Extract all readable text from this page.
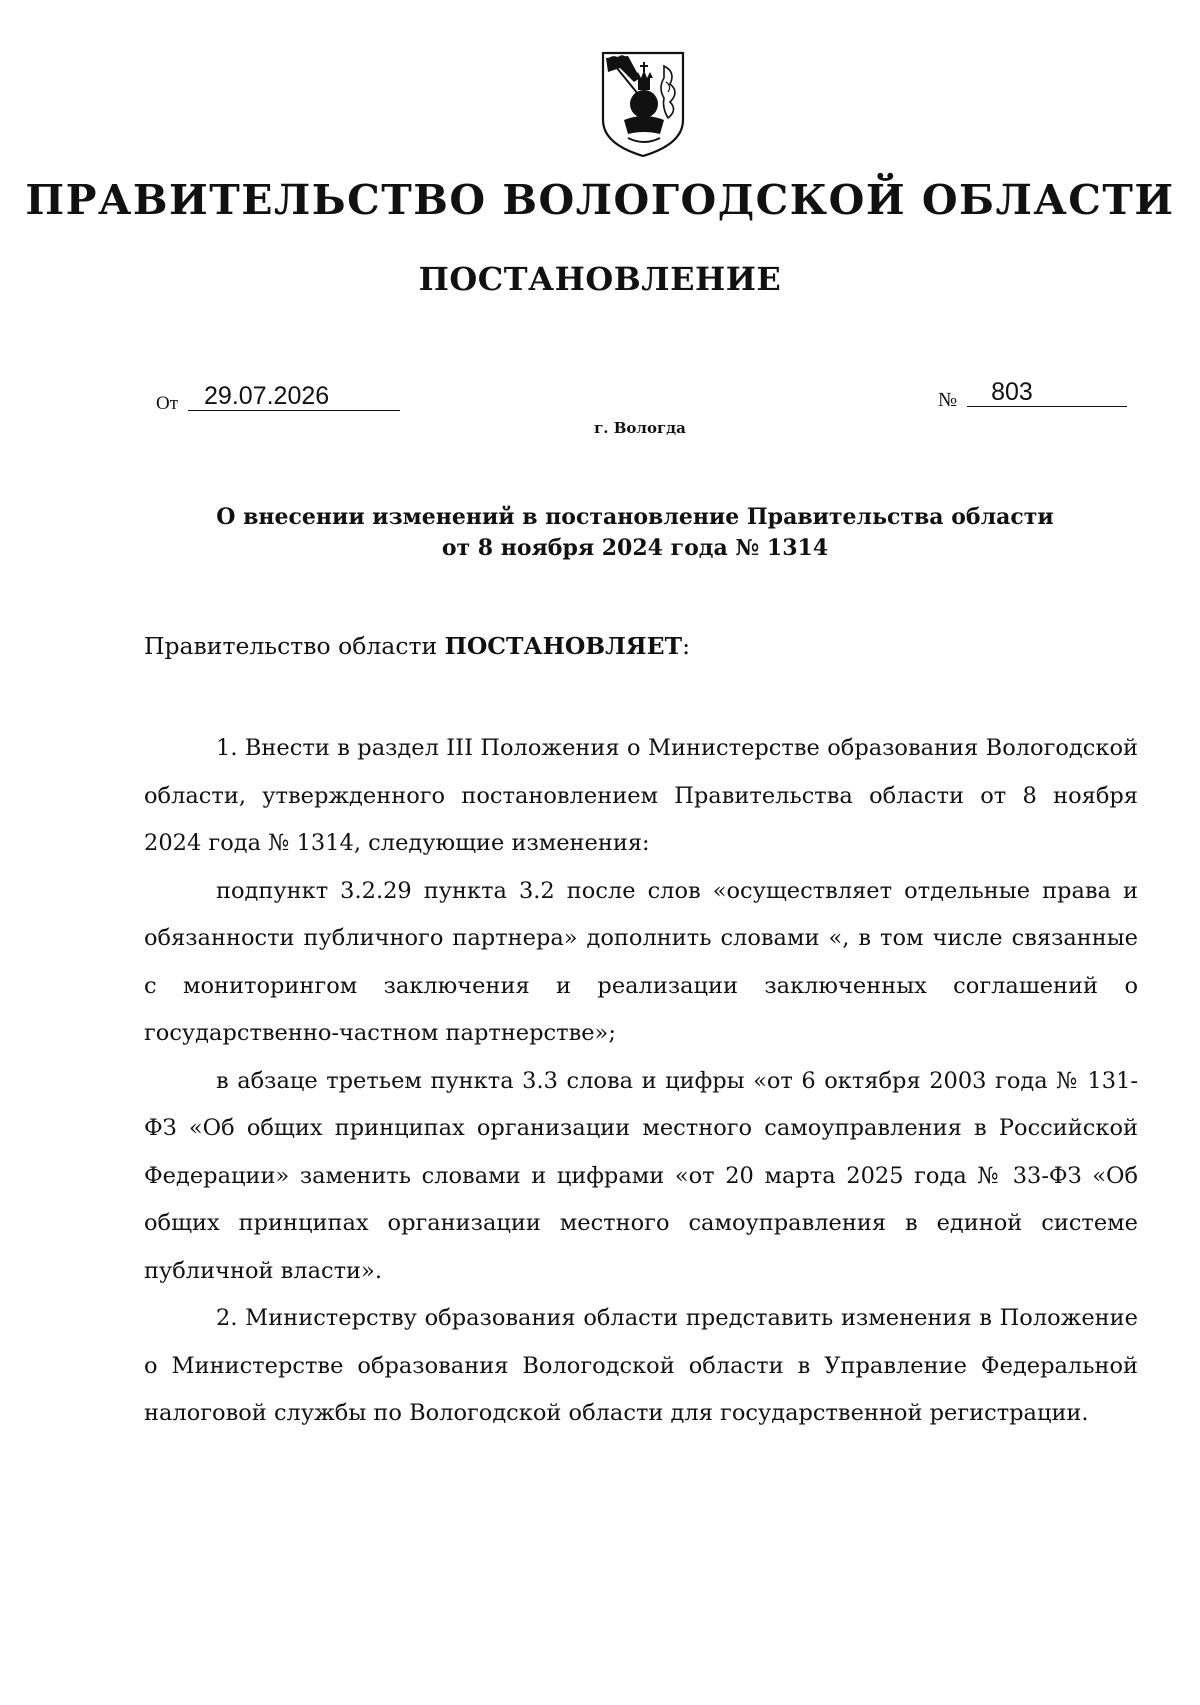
ПРАВИТЕЛЬСТВО ВОЛОГОДСКОЙ ОБЛАСТИ
ПОСТАНОВЛЕНИЕ
От 29.07.2026	№ 803
г. Вологда
О внесении изменений в постановление Правительства области
от 8 ноября 2024 года № 1314
Правительство области ПОСТАНОВЛЯЕТ:

1. Внести в раздел III Положения о Министерстве образования Вологодской области, утвержденного постановлением Правительства области от 8 ноября 2024 года № 1314, следующие изменения:

подпункт 3.2.29 пункта 3.2 после слов «осуществляет отдельные права и обязанности публичного партнера» дополнить словами «, в том числе связанные с мониторингом заключения и реализации заключенных соглашений о государственно-частном партнерстве»;

в абзаце третьем пункта 3.3 слова и цифры «от 6 октября 2003 года № 131-ФЗ «Об общих принципах организации местного самоуправления в Российской Федерации» заменить словами и цифрами «от 20 марта 2025 года № 33-ФЗ «Об общих принципах организации местного самоуправления в единой системе публичной власти».

2. Министерству образования области представить изменения в Положение о Министерстве образования Вологодской области в Управление Федеральной налоговой службы по Вологодской области для государственной регистрации.
